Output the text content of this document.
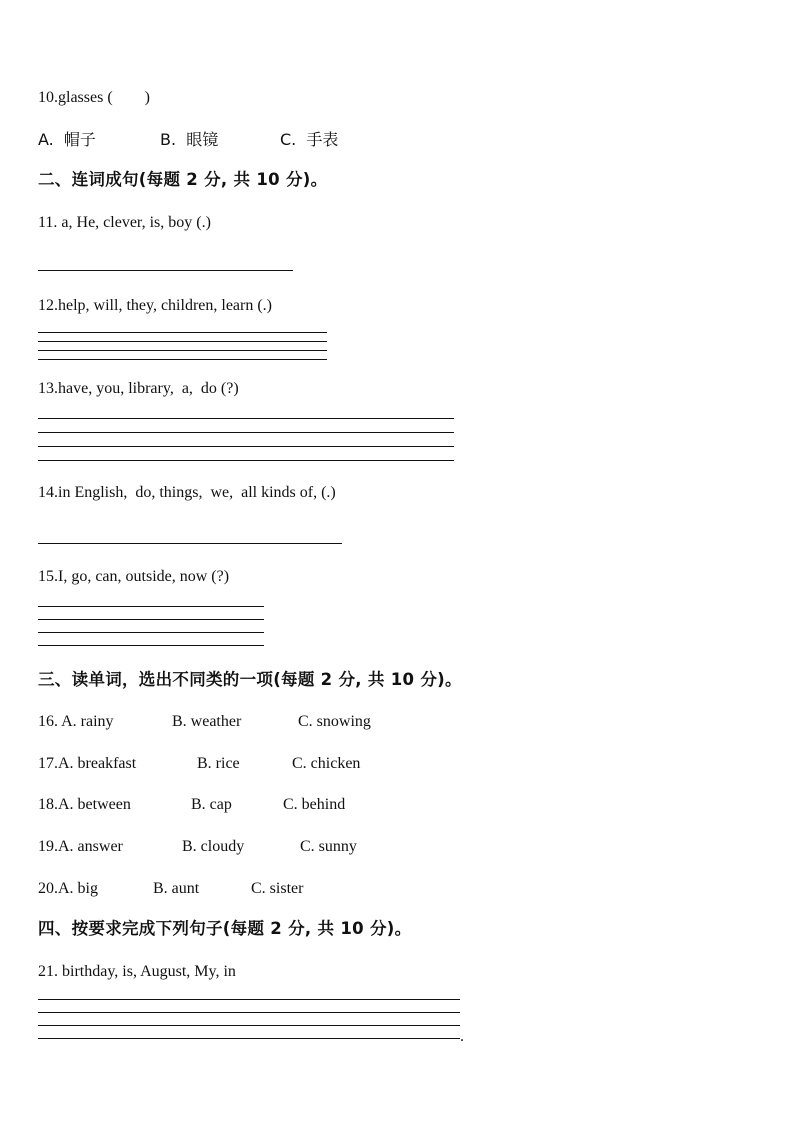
10.glasses (　　)
A.  帽子	B.  眼镜	C.  手表
二、连词成句(每题 2 分, 共 10 分)。
11. a, He, clever, is, boy (.)
12.help, will, they, children, learn (.)
13.have, you, library,  a,  do (?)
14.in English,  do, things,  we,  all kinds of, (.)
15.I, go, can, outside, now (?)
三、读单词，选出不同类的一项(每题 2 分, 共 10 分)。
16. A. rainy	B. weather	C. snowing
17.A. breakfast	B. rice	C. chicken
18.A. between	B. cap	C. behind
19.A. answer	B. cloudy	C. sunny
20.A. big	B. aunt	C. sister
四、按要求完成下列句子(每题 2 分, 共 10 分)。
21. birthday, is, August, My, in
.
